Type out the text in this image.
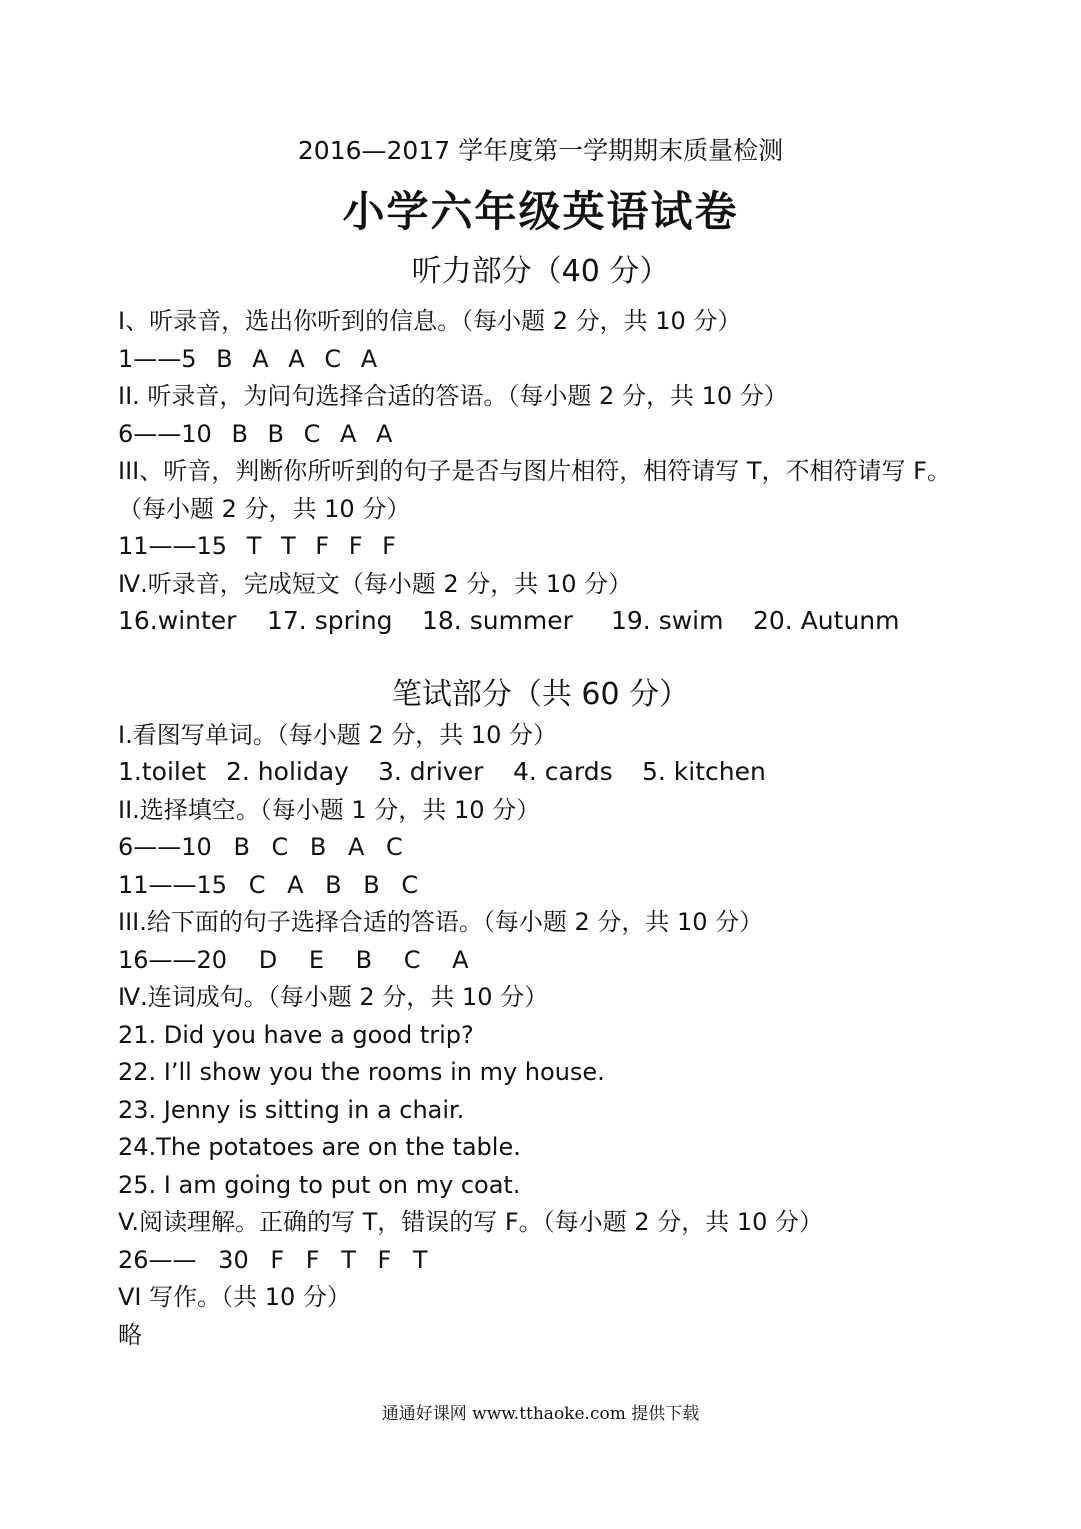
2016—2017 学年度第一学期期末质量检测
小学六年级英语试卷
听力部分（40 分）
Ⅰ、听录音，选出你听到的信息。（每小题 2 分，共 10 分）
1——5 B A A C A
II. 听录音，为问句选择合适的答语。（每小题 2 分，共 10 分）
6——10 B B C A A
III、听音，判断你所听到的句子是否与图片相符，相符请写 T，不相符请写 F。
（每小题 2 分，共 10 分）
11——15 T T F F F
Ⅳ.听录音，完成短文（每小题 2 分，共 10 分）
16.winter 17. spring 18. summer 19. swim 20. Autunm
笔试部分（共 60 分）
I.看图写单词。（每小题 2 分，共 10 分）
1.toilet 2. holiday 3. driver 4. cards 5. kitchen
II.选择填空。（每小题 1 分，共 10 分）
6——10 B C B A C
11——15 C A B B C
III.给下面的句子选择合适的答语。（每小题 2 分，共 10 分）
16——20 D E B C A
Ⅳ.连词成句。（每小题 2 分，共 10 分）
21. Did you have a good trip?
22. I’ll show you the rooms in my house.
23. Jenny is sitting in a chair.
24.The potatoes are on the table.
25. I am going to put on my coat.
V.阅读理解。正确的写 T，错误的写 F。（每小题 2 分，共 10 分）
26—— 30 F F T F T
VI 写作。（共 10 分）
略
通通好课网 www.tthaoke.com 提供下载
